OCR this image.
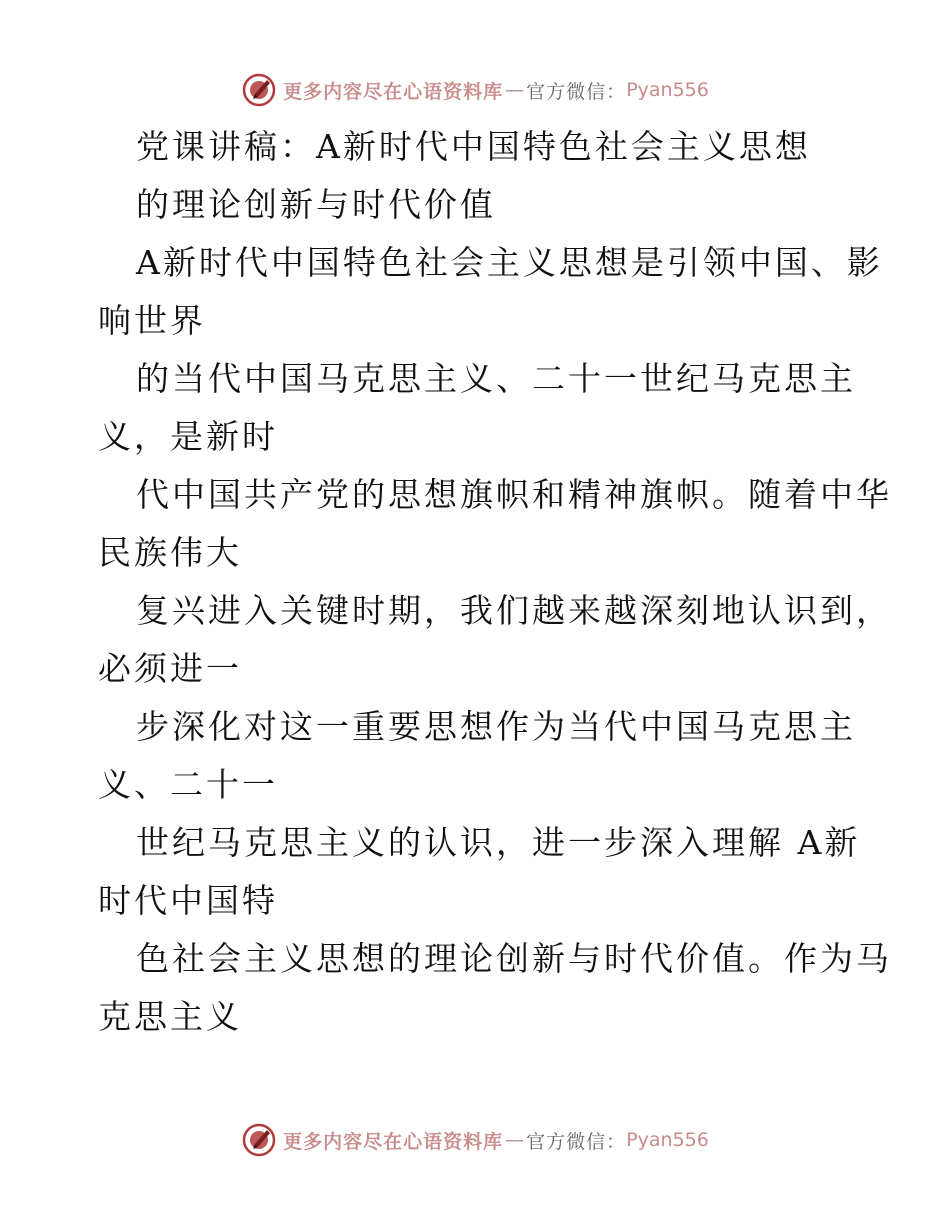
更多内容尽在心语资料库 — 官方微信： Pyan556
党课讲稿：A新时代中国特色社会主义思想
的理论创新与时代价值
A新时代中国特色社会主义思想是引领中国、影
响世界
的当代中国马克思主义、二十一世纪马克思主
义，是新时
代中国共产党的思想旗帜和精神旗帜。随着中华
民族伟大
复兴进入关键时期，我们越来越深刻地认识到，
必须进一
步深化对这一重要思想作为当代中国马克思主
义、二十一
世纪马克思主义的认识，进一步深入理解 A新
时代中国特
色社会主义思想的理论创新与时代价值。作为马
克思主义
更多内容尽在心语资料库 — 官方微信： Pyan556
